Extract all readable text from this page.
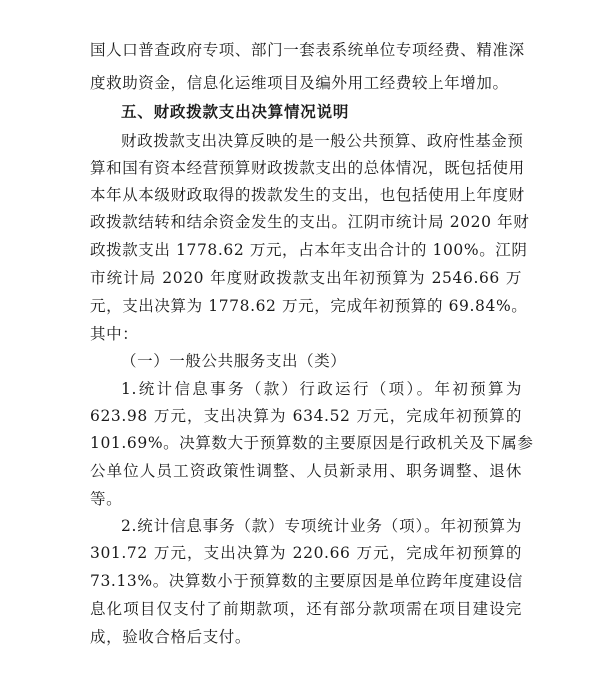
国人口普查政府专项、部门一套表系统单位专项经费、精准深
度救助资金，信息化运维项目及编外用工经费较上年增加。
五、财政拨款支出决算情况说明
财政拨款支出决算反映的是一般公共预算、政府性基金预
算和国有资本经营预算财政拨款支出的总体情况，既包括使用
本年从本级财政取得的拨款发生的支出，也包括使用上年度财
政拨款结转和结余资金发生的支出。江阴市统计局 2020 年财
政拨款支出 1778.62 万元，占本年支出合计的 100%。江阴
市统计局 2020 年度财政拨款支出年初预算为 2546.66 万
元，支出决算为 1778.62 万元，完成年初预算的 69.84%。
其中：
（一）一般公共服务支出（类）
1.统计信息事务（款）行政运行（项）。年初预算为
623.98 万元，支出决算为 634.52 万元，完成年初预算的
101.69%。决算数大于预算数的主要原因是行政机关及下属参
公单位人员工资政策性调整、人员新录用、职务调整、退休
等。
2.统计信息事务（款）专项统计业务（项）。年初预算为
301.72 万元，支出决算为 220.66 万元，完成年初预算的
73.13%。决算数小于预算数的主要原因是单位跨年度建设信
息化项目仅支付了前期款项，还有部分款项需在项目建设完
成，验收合格后支付。
